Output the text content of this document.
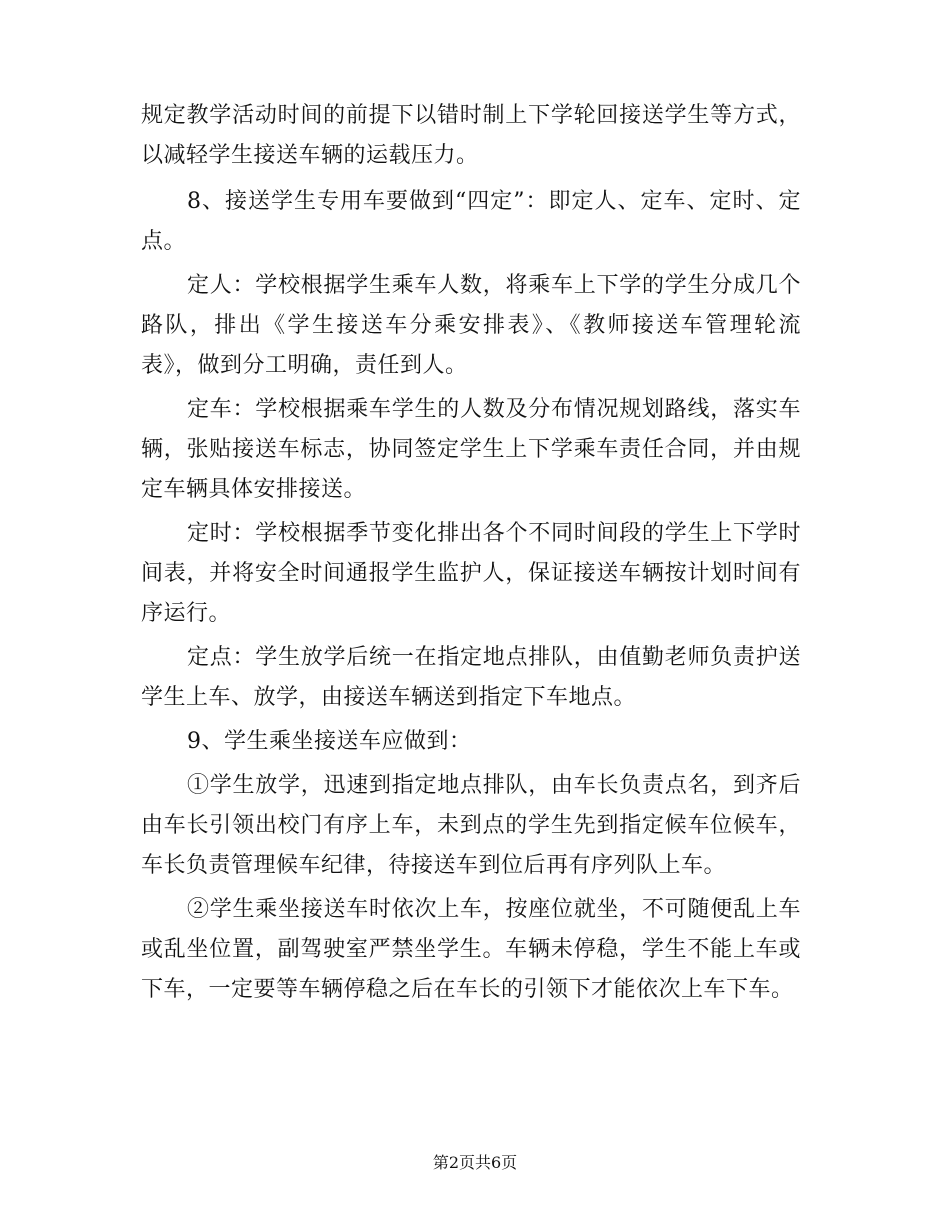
规定教学活动时间的前提下以错时制上下学轮回接送学生等方式，以减轻学生接送车辆的运载压力。

8、接送学生专用车要做到“四定”：即定人、定车、定时、定点。

定人：学校根据学生乘车人数，将乘车上下学的学生分成几个路队，排出《学生接送车分乘安排表》、《教师接送车管理轮流表》，做到分工明确，责任到人。

定车：学校根据乘车学生的人数及分布情况规划路线，落实车辆，张贴接送车标志，协同签定学生上下学乘车责任合同，并由规定车辆具体安排接送。

定时：学校根据季节变化排出各个不同时间段的学生上下学时间表，并将安全时间通报学生监护人，保证接送车辆按计划时间有序运行。

定点：学生放学后统一在指定地点排队，由值勤老师负责护送学生上车、放学，由接送车辆送到指定下车地点。

9、学生乘坐接送车应做到：

①学生放学，迅速到指定地点排队，由车长负责点名，到齐后由车长引领出校门有序上车，未到点的学生先到指定候车位候车，车长负责管理候车纪律，待接送车到位后再有序列队上车。

②学生乘坐接送车时依次上车，按座位就坐，不可随便乱上车或乱坐位置，副驾驶室严禁坐学生。车辆未停稳，学生不能上车或下车，一定要等车辆停稳之后在车长的引领下才能依次上车下车。

第2页共6页
